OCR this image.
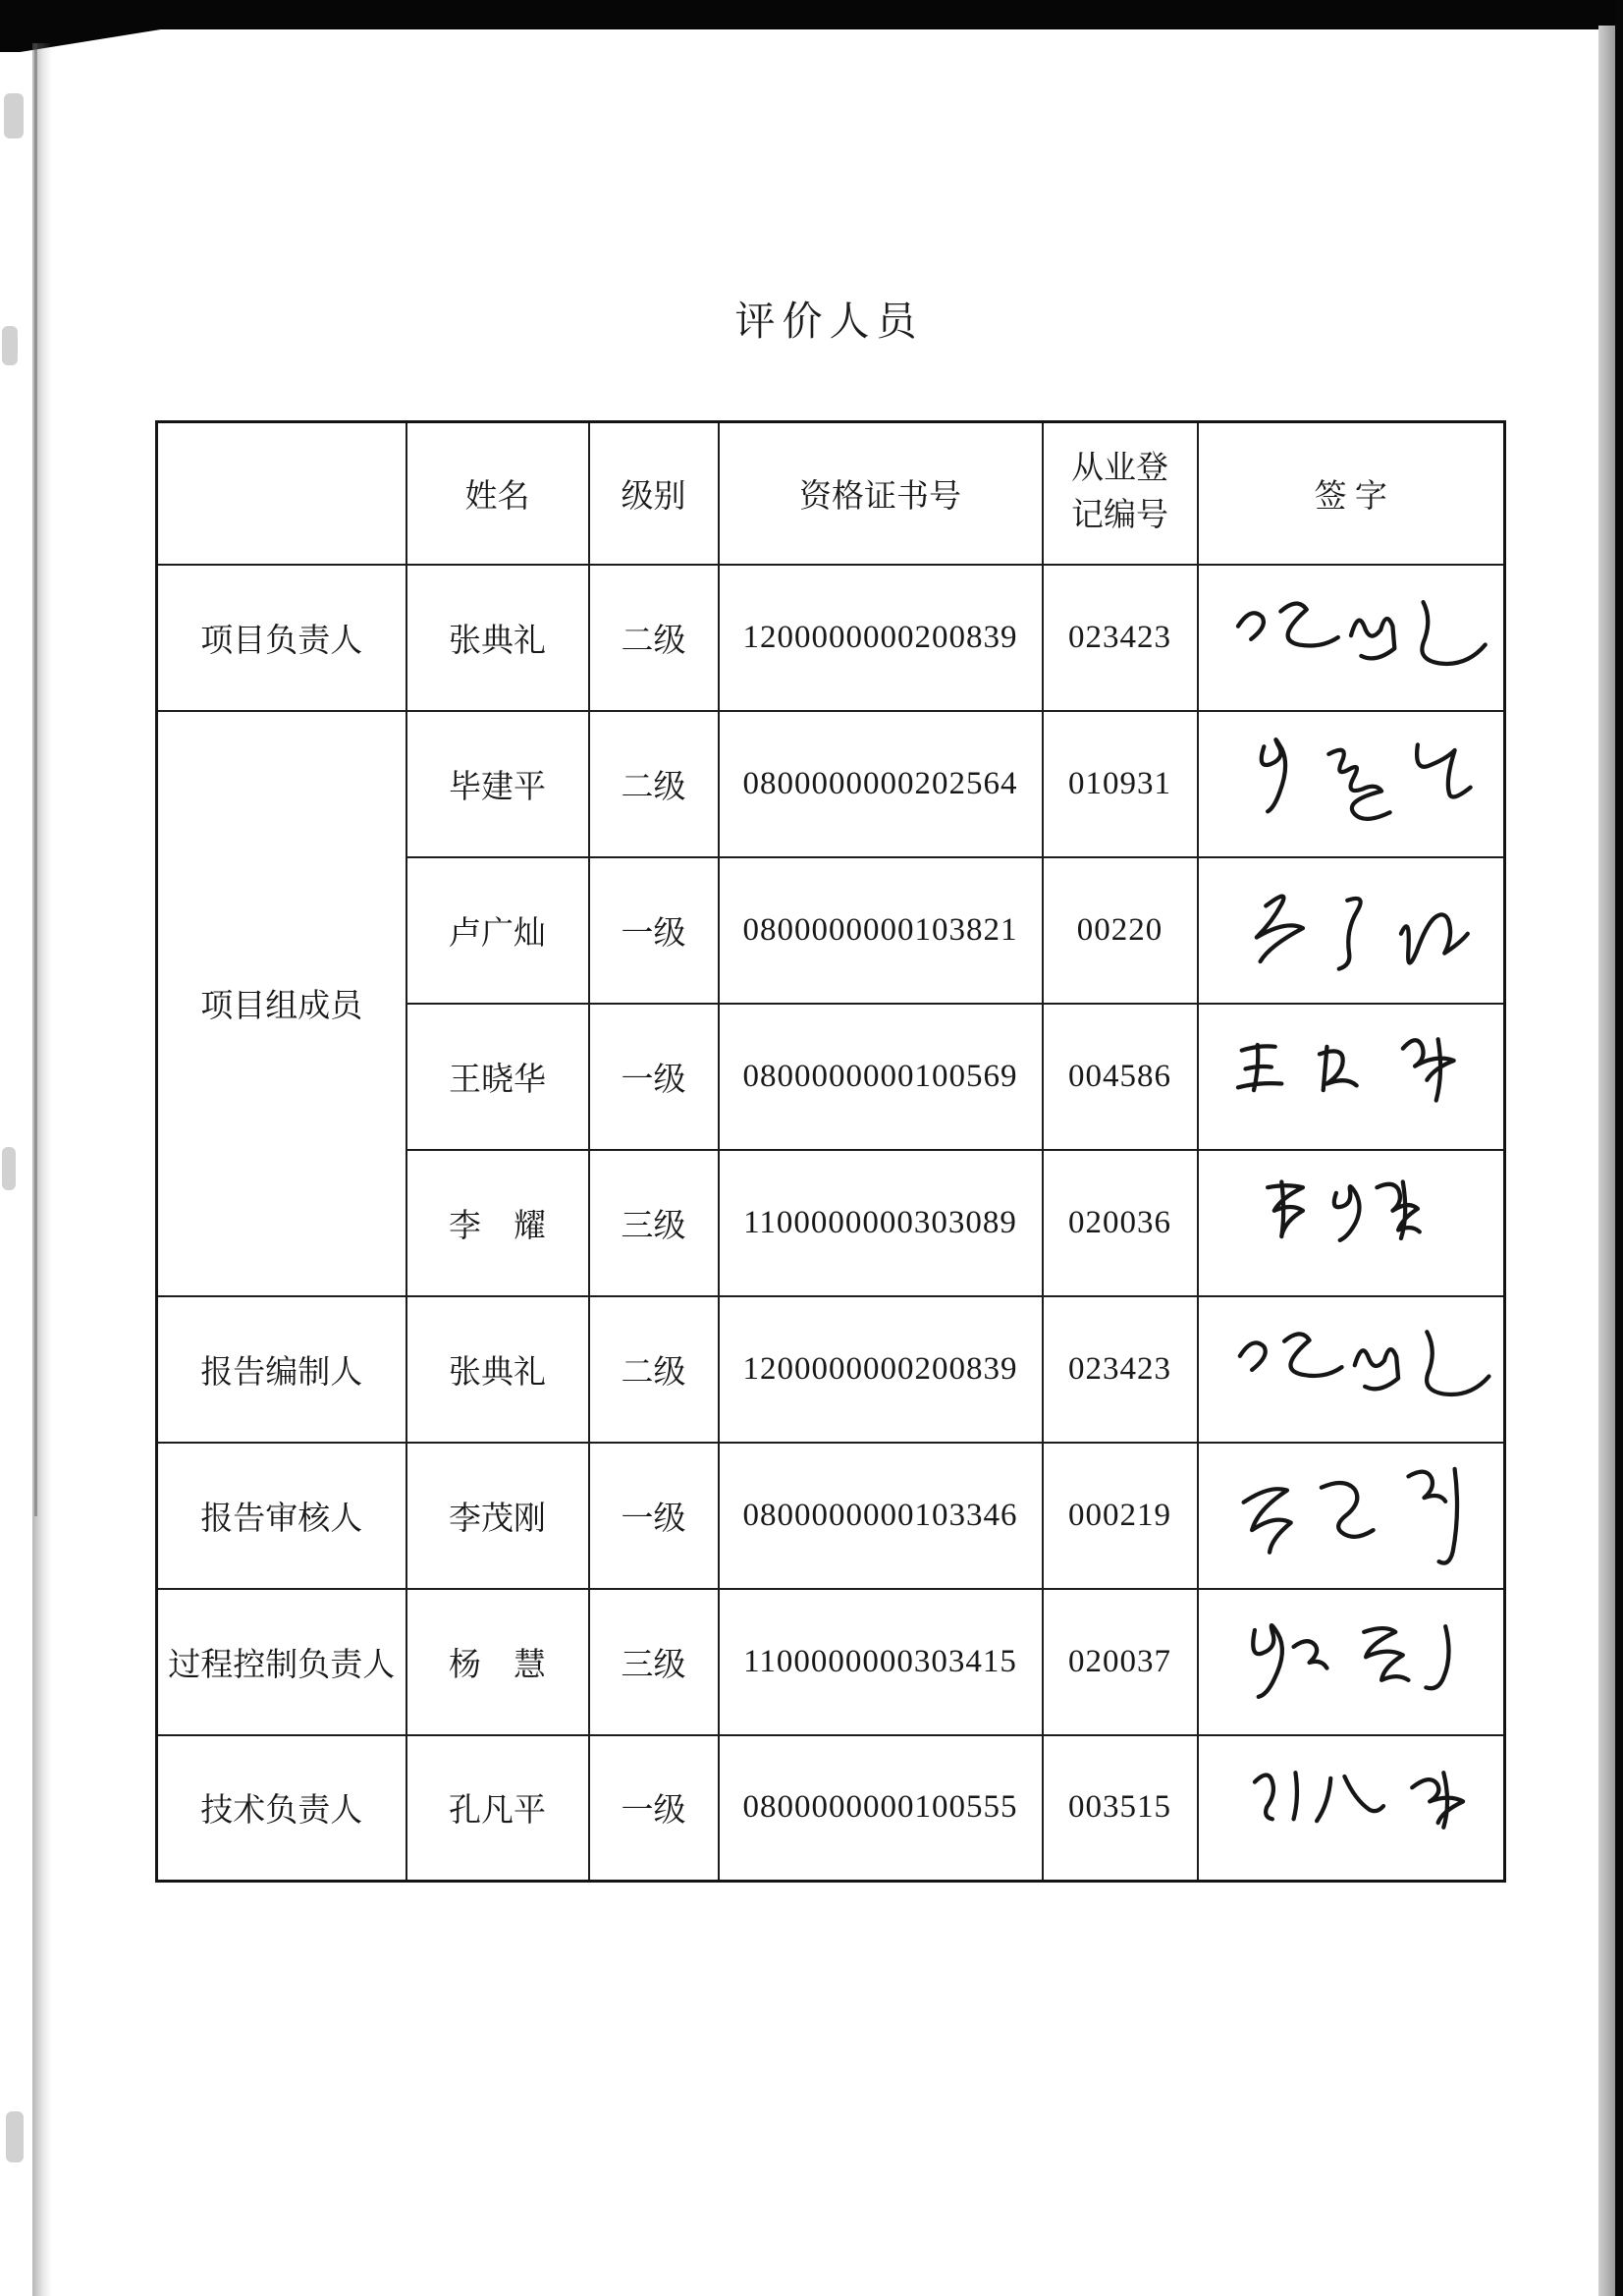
评价人员
	姓名	级别	资格证书号	从业登记编号	签 字
项目负责人	张典礼	二级	1200000000200839	023423	

项目组成员	毕建平	二级	0800000000202564	010931	

	卢广灿	一级	0800000000103821	00220	

	王晓华	一级	0800000000100569	004586	

	李　耀	三级	1100000000303089	020036	

报告编制人	张典礼	二级	1200000000200839	023423	

报告审核人	李茂刚	一级	0800000000103346	000219	

过程控制负责人	杨　慧	三级	1100000000303415	020037	

技术负责人	孔凡平	一级	0800000000100555	003515	
